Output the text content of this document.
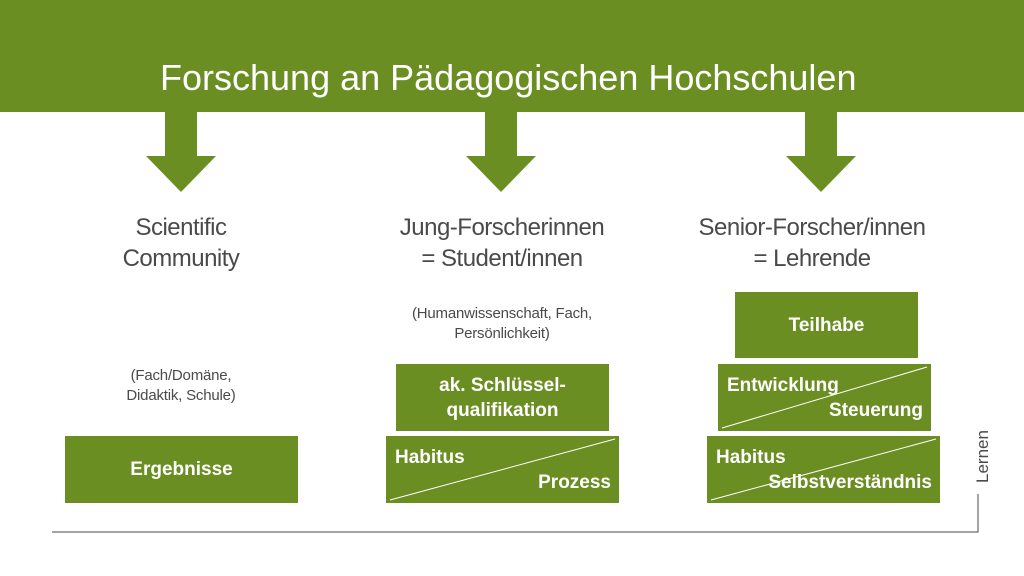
Forschung an Pädagogischen Hochschulen
Scientific
Community
(Fach/Domäne,
Didaktik, Schule)
Ergebnisse
Jung-Forscherinnen
= Student/innen
(Humanwissenschaft, Fach,
Persönlichkeit)
ak. Schlüssel-
qualifikation
Habitus
Prozess
Senior-Forscher/innen
= Lehrende
Teilhabe
Entwicklung
Steuerung
Habitus
Selbstverständnis Lernen
